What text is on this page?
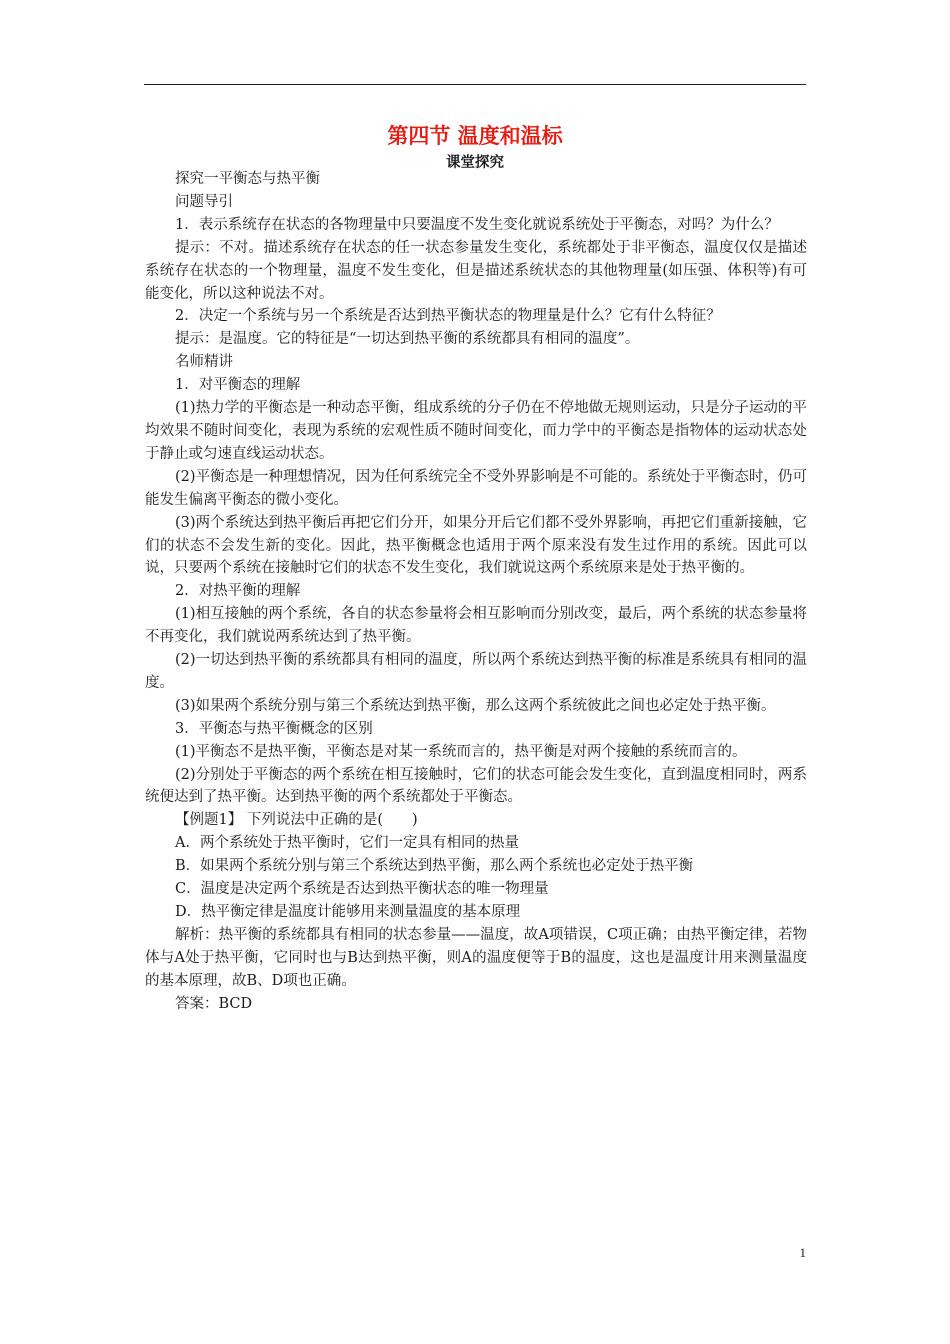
第四节 温度和温标
课堂探究

探究一平衡态与热平衡

问题导引

1．表示系统存在状态的各物理量中只要温度不发生变化就说系统处于平衡态，对吗？为什么？

提示：不对。描述系统存在状态的任一状态参量发生变化，系统都处于非平衡态，温度仅仅是描述系统存在状态的一个物理量，温度不发生变化，但是描述系统状态的其他物理量(如压强、体积等)有可能变化，所以这种说法不对。

2．决定一个系统与另一个系统是否达到热平衡状态的物理量是什么？它有什么特征？

提示：是温度。它的特征是“一切达到热平衡的系统都具有相同的温度”。

名师精讲

1．对平衡态的理解

(1)热力学的平衡态是一种动态平衡，组成系统的分子仍在不停地做无规则运动，只是分子运动的平均效果不随时间变化，表现为系统的宏观性质不随时间变化，而力学中的平衡态是指物体的运动状态处于静止或匀速直线运动状态。

(2)平衡态是一种理想情况，因为任何系统完全不受外界影响是不可能的。系统处于平衡态时，仍可能发生偏离平衡态的微小变化。

(3)两个系统达到热平衡后再把它们分开，如果分开后它们都不受外界影响，再把它们重新接触，它们的状态不会发生新的变化。因此，热平衡概念也适用于两个原来没有发生过作用的系统。因此可以说，只要两个系统在接触时它们的状态不发生变化，我们就说这两个系统原来是处于热平衡的。

2．对热平衡的理解

(1)相互接触的两个系统，各自的状态参量将会相互影响而分别改变，最后，两个系统的状态参量将不再变化，我们就说两系统达到了热平衡。

(2)一切达到热平衡的系统都具有相同的温度，所以两个系统达到热平衡的标准是系统具有相同的温度。

(3)如果两个系统分别与第三个系统达到热平衡，那么这两个系统彼此之间也必定处于热平衡。

3．平衡态与热平衡概念的区别

(1)平衡态不是热平衡，平衡态是对某一系统而言的，热平衡是对两个接触的系统而言的。

(2)分别处于平衡态的两个系统在相互接触时，它们的状态可能会发生变化，直到温度相同时，两系统便达到了热平衡。达到热平衡的两个系统都处于平衡态。

【例题1】 下列说法中正确的是(　　)

A．两个系统处于热平衡时，它们一定具有相同的热量

B．如果两个系统分别与第三个系统达到热平衡，那么两个系统也必定处于热平衡

C．温度是决定两个系统是否达到热平衡状态的唯一物理量

D．热平衡定律是温度计能够用来测量温度的基本原理

解析：热平衡的系统都具有相同的状态参量——温度，故A项错误，C项正确；由热平衡定律，若物体与A处于热平衡，它同时也与B达到热平衡，则A的温度便等于B的温度，这也是温度计用来测量温度的基本原理，故B、D项也正确。

答案：BCD

1
